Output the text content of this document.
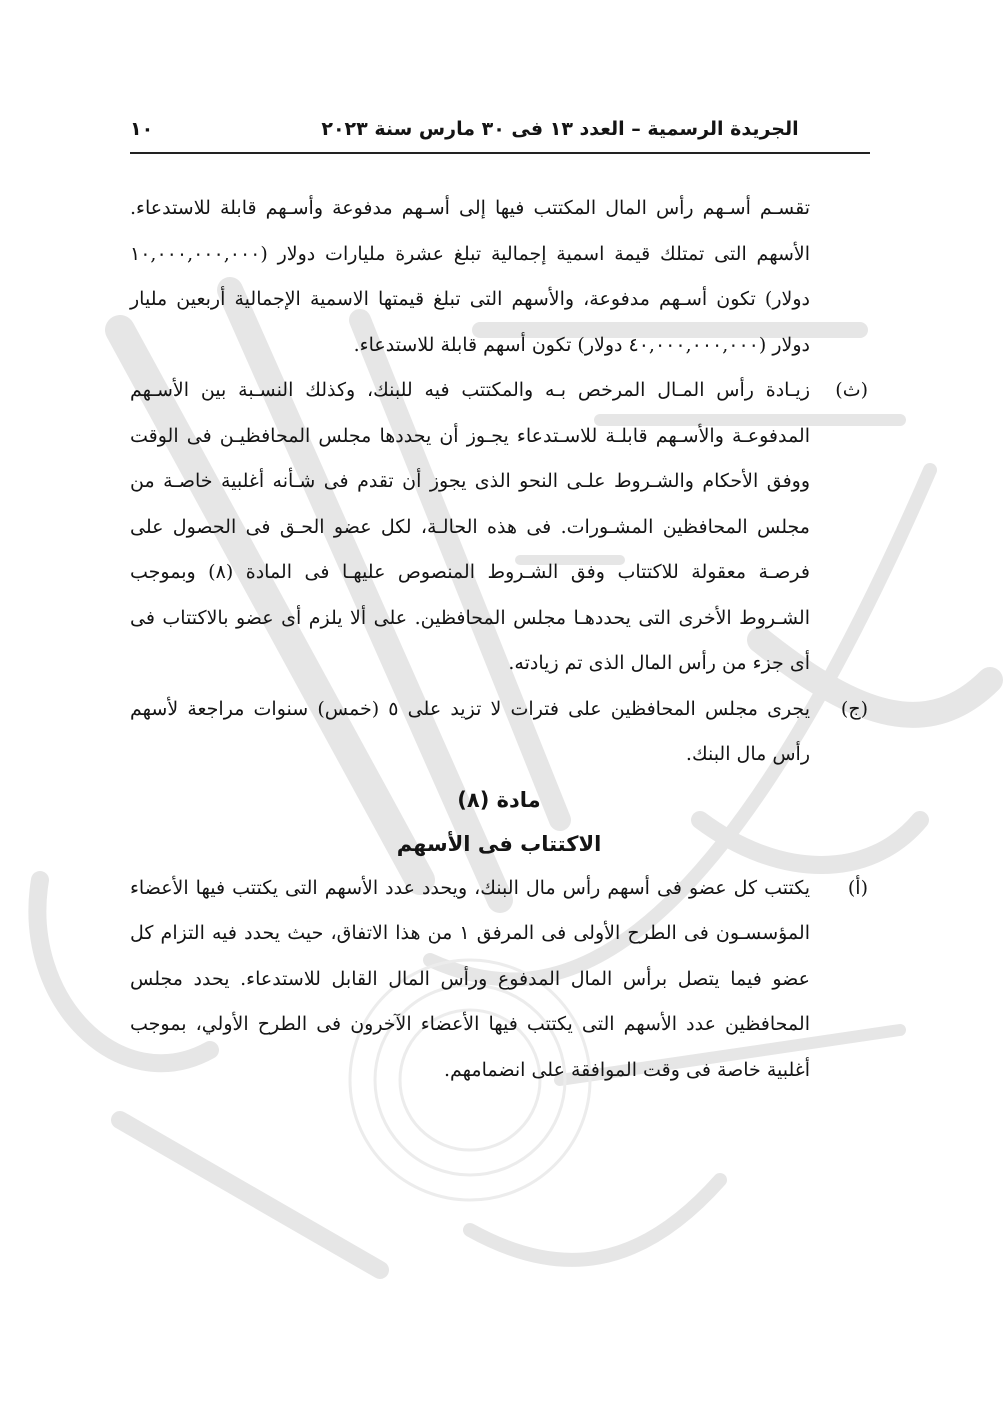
الجريدة الرسمية – العدد ١٣ فى ٣٠ مارس سنة ٢٠٢٣
١٠

تقسـم أسـهم رأس المال المكتتب فيها إلى أسـهم مدفوعة وأسـهم قابلة للاستدعاء. الأسهم التى تمتلك قيمة اسمية إجمالية تبلغ عشرة مليارات دولار (١٠,٠٠٠,٠٠٠,٠٠٠ دولار) تكون أسـهم مدفوعة، والأسهم التى تبلغ قيمتها الاسمية الإجمالية أربعين مليار دولار (٤٠,٠٠٠,٠٠٠,٠٠٠ دولار) تكون أسهم قابلة للاستدعاء.

(ث)
زيـادة رأس المـال المرخص بـه والمكتتب فيه للبنك، وكذلك النسـبة بين الأسـهم المدفوعـة والأسـهم قابلـة للاسـتدعاء يجـوز أن يحددها مجلس المحافظيـن فى الوقت ووفق الأحكام والشـروط علـى النحو الذى يجوز أن تقدم فى شـأنه أغلبية خاصـة من مجلس المحافظين المشـورات. فى هذه الحالـة، لكل عضو الحـق فى الحصول على فرصـة معقولة للاكتتاب وفق الشـروط المنصوص عليهـا فى المادة (٨) وبموجب الشـروط الأخرى التى يحددهـا مجلس المحافظين. على ألا يلزم أى عضو بالاكتتاب فى أى جزء من رأس المال الذى تم زيادته.
(ج)
يجرى مجلس المحافظين على فترات لا تزيد على ٥ (خمس) سنوات مراجعة لأسهم رأس مال البنك.
مادة (٨)
الاكتتاب فى الأسهم
(أ)
يكتتب كل عضو فى أسهم رأس مال البنك، ويحدد عدد الأسهم التى يكتتب فيها الأعضاء المؤسسـون فى الطرح الأولى فى المرفق ١ من هذا الاتفاق، حيث يحدد فيه التزام كل عضو فيما يتصل برأس المال المدفوع ورأس المال القابل للاستدعاء. يحدد مجلس المحافظين عدد الأسهم التى يكتتب فيها الأعضاء الآخرون فى الطرح الأولي، بموجب أغلبية خاصة فى وقت الموافقة على انضمامهم.
